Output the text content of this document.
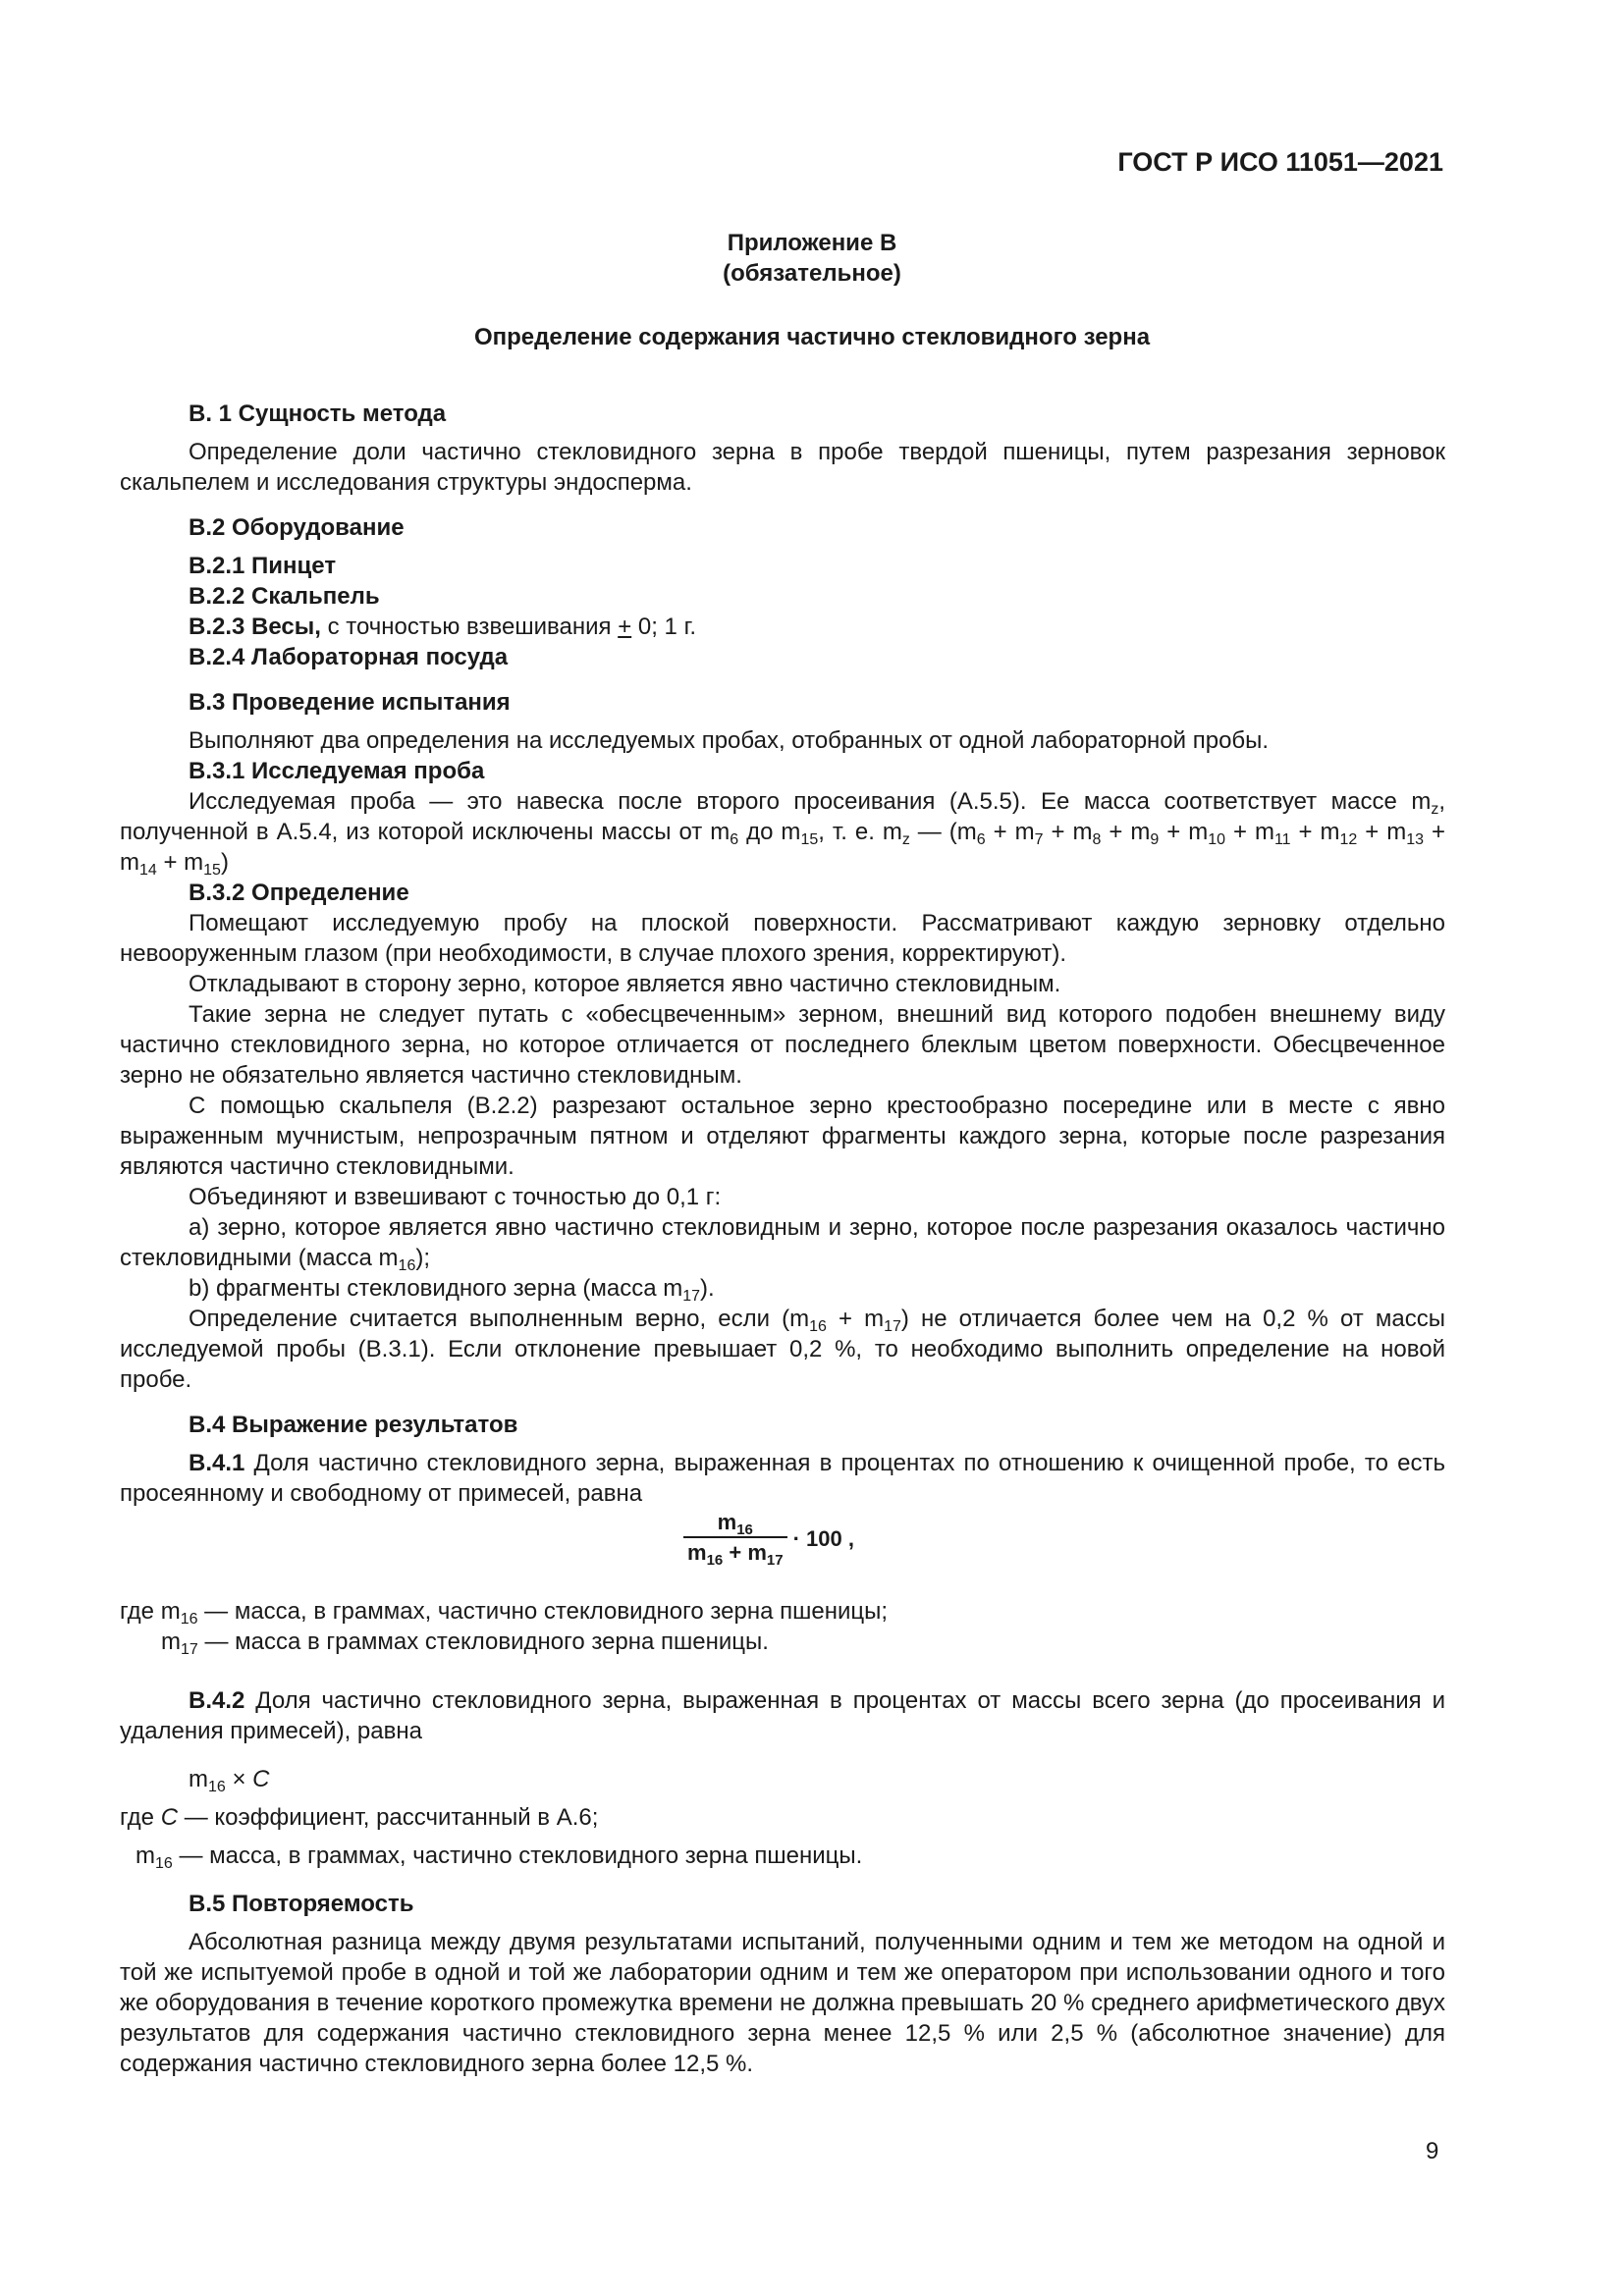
ГОСТ Р ИСО 11051—2021
Приложение В
(обязательное)
Определение содержания частично стекловидного зерна

В. 1 Сущность метода

Определение доли частично стекловидного зерна в пробе твердой пшеницы, путем разрезания зерновок скальпелем и исследования структуры эндосперма.

В.2 Оборудование

В.2.1 Пинцет

В.2.2 Скальпель

В.2.3 Весы, с точностью взвешивания + 0; 1 г.

В.2.4 Лабораторная посуда

В.3 Проведение испытания

Выполняют два определения на исследуемых пробах, отобранных от одной лабораторной пробы.

В.3.1 Исследуемая проба

Исследуемая проба — это навеска после второго просеивания (А.5.5). Ее масса соответствует массе $m_z$, полученной в А.5.4, из которой исключены массы от $m_6$ до $m_{15}$, т. е. $m_z$ — $(m_6 + m_7 + m_8 + m_9 + m_{10} + m_{11} + m_{12} + m_{13} + m_{14} + m_{15})$

В.3.2 Определение

Помещают исследуемую пробу на плоской поверхности. Рассматривают каждую зерновку отдельно невооруженным глазом (при необходимости, в случае плохого зрения, корректируют).

Откладывают в сторону зерно, которое является явно частично стекловидным.

Такие зерна не следует путать с «обесцвеченным» зерном, внешний вид которого подобен внешнему виду частично стекловидного зерна, но которое отличается от последнего блеклым цветом поверхности. Обесцвеченное зерно не обязательно является частично стекловидным.

С помощью скальпеля (В.2.2) разрезают остальное зерно крестообразно посередине или в месте с явно выраженным мучнистым, непрозрачным пятном и отделяют фрагменты каждого зерна, которые после разрезания являются частично стекловидными.

Объединяют и взвешивают с точностью до 0,1 г:

а) зерно, которое является явно частично стекловидным и зерно, которое после разрезания оказалось частично стекловидными (масса $m_{16}$);

b) фрагменты стекловидного зерна (масса $m_{17}$).

Определение считается выполненным верно, если $(m_{16} + m_{17})$ не отличается более чем на 0,2 % от массы исследуемой пробы (В.3.1). Если отклонение превышает 0,2 %, то необходимо выполнить определение на новой пробе.

В.4 Выражение результатов

В.4.1 Доля частично стекловидного зерна, выраженная в процентах по отношению к очищенной пробе, то есть просеянному и свободному от примесей, равна

$\frac{m_{16}}{m_{16} + m_{17}} \cdot 100$ ,

где $m_{16}$ — масса, в граммах, частично стекловидного зерна пшеницы;

$m_{17}$ — масса в граммах стекловидного зерна пшеницы.

В.4.2 Доля частично стекловидного зерна, выраженная в процентах от массы всего зерна (до просеивания и удаления примесей), равна

$m_{16} \times C$

где C — коэффициент, рассчитанный в А.6;

$m_{16}$ — масса, в граммах, частично стекловидного зерна пшеницы.

В.5 Повторяемость

Абсолютная разница между двумя результатами испытаний, полученными одним и тем же методом на одной и той же испытуемой пробе в одной и той же лаборатории одним и тем же оператором при использовании одного и того же оборудования в течение короткого промежутка времени не должна превышать 20 % среднего арифметического двух результатов для содержания частично стекловидного зерна менее 12,5 % или 2,5 % (абсолютное значение) для содержания частично стекловидного зерна более 12,5 %.

9
